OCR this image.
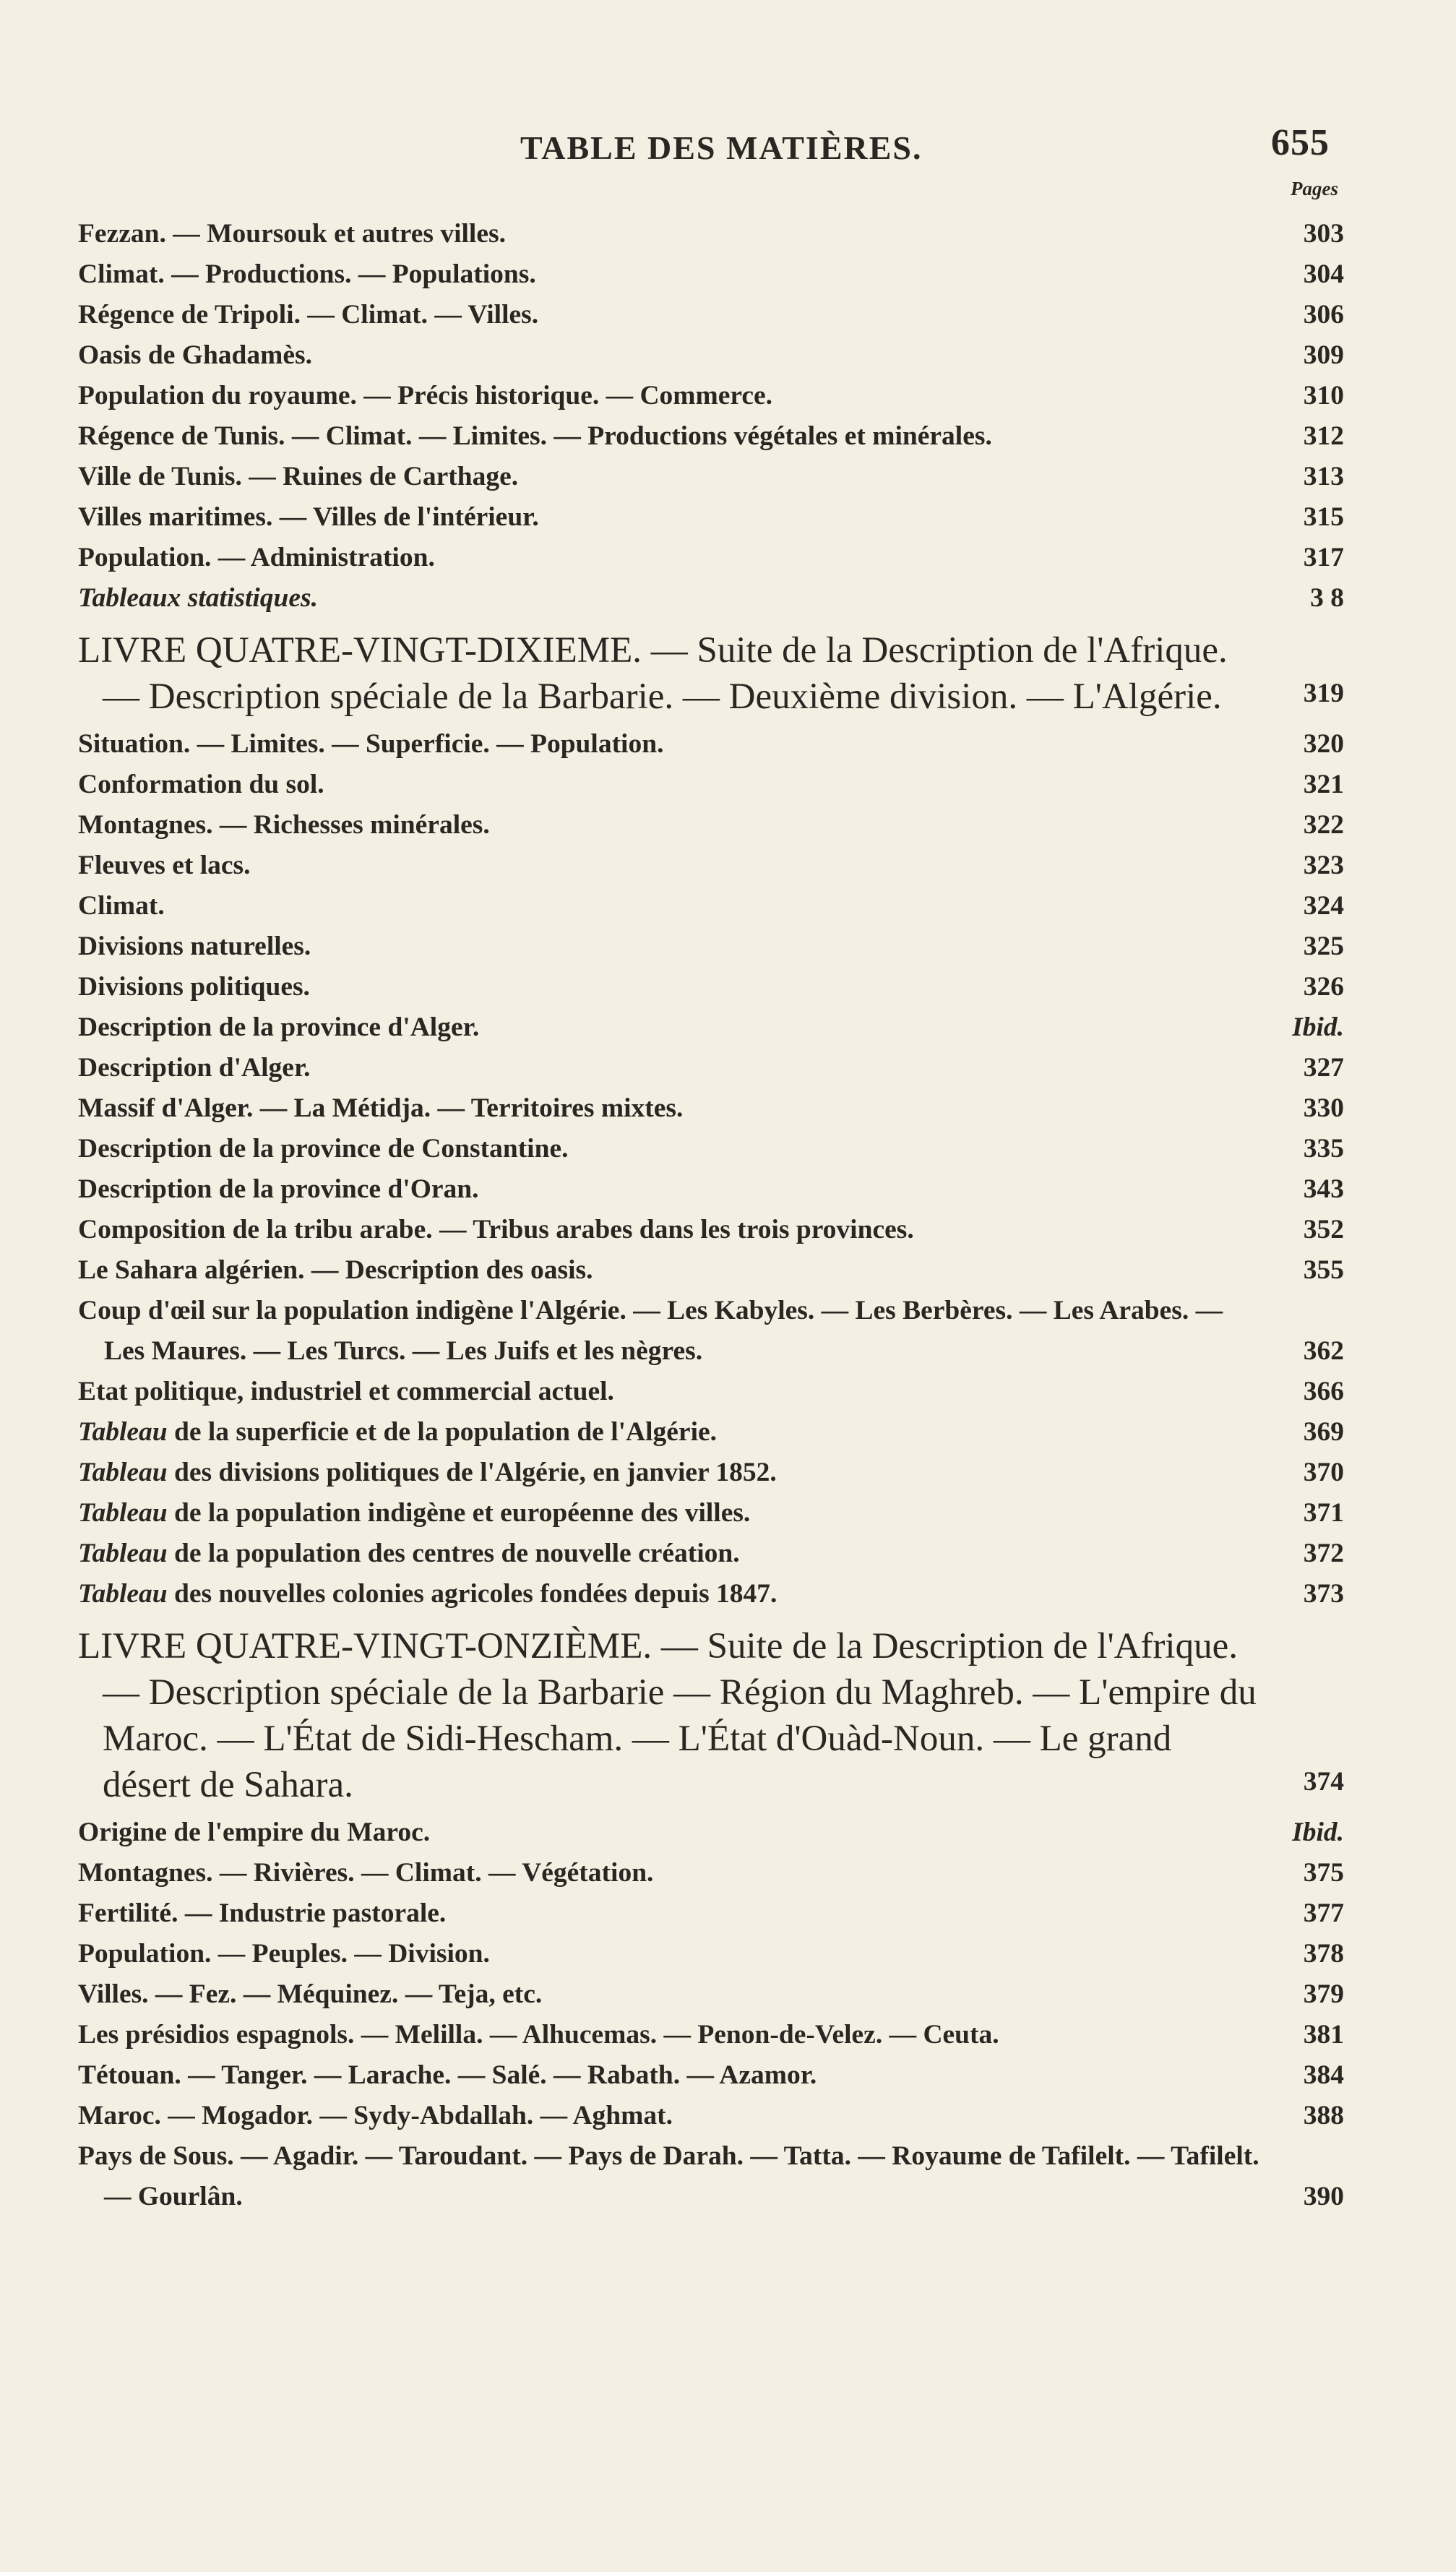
TABLE DES MATIÈRES.	655
Pages
Fezzan. — Moursouk et autres villes.	303
Climat. — Productions. — Populations.	304
Régence de Tripoli. — Climat. — Villes.	306
Oasis de Ghadamès.	309
Population du royaume. — Précis historique. — Commerce.	310
Régence de Tunis. — Climat. — Limites. — Productions végétales et minérales.	312
Ville de Tunis. — Ruines de Carthage.	313
Villes maritimes. — Villes de l'intérieur.	315
Population. — Administration.	317
Tableaux statistiques.	3 8
LIVRE QUATRE-VINGT-DIXIEME. — Suite de la Description de l'Afrique. — Description spéciale de la Barbarie. — Deuxième division. — L'Algérie.	319
Situation. — Limites. — Superficie. — Population.	320
Conformation du sol.	321
Montagnes. — Richesses minérales.	322
Fleuves et lacs.	323
Climat.	324
Divisions naturelles.	325
Divisions politiques.	326
Description de la province d'Alger.	Ibid.
Description d'Alger.	327
Massif d'Alger. — La Métidja. — Territoires mixtes.	330
Description de la province de Constantine.	335
Description de la province d'Oran.	343
Composition de la tribu arabe. — Tribus arabes dans les trois provinces.	352
Le Sahara algérien. — Description des oasis.	355
Coup d'œil sur la population indigène l'Algérie. — Les Kabyles. — Les Berbères. — Les Arabes. — Les Maures. — Les Turcs. — Les Juifs et les nègres.	362
Etat politique, industriel et commercial actuel.	366
Tableau de la superficie et de la population de l'Algérie.	369
Tableau des divisions politiques de l'Algérie, en janvier 1852.	370
Tableau de la population indigène et européenne des villes.	371
Tableau de la population des centres de nouvelle création.	372
Tableau des nouvelles colonies agricoles fondées depuis 1847.	373
LIVRE QUATRE-VINGT-ONZIÈME. — Suite de la Description de l'Afrique. — Description spéciale de la Barbarie — Région du Maghreb. — L'empire du Maroc. — L'État de Sidi-Hescham. — L'État d'Ouàd-Noun. — Le grand désert de Sahara.	374
Origine de l'empire du Maroc.	Ibid.
Montagnes. — Rivières. — Climat. — Végétation.	375
Fertilité. — Industrie pastorale.	377
Population. — Peuples. — Division.	378
Villes. — Fez. — Méquinez. — Teja, etc.	379
Les présidios espagnols. — Melilla. — Alhucemas. — Penon-de-Velez. — Ceuta.	381
Tétouan. — Tanger. — Larache. — Salé. — Rabath. — Azamor.	384
Maroc. — Mogador. — Sydy-Abdallah. — Aghmat.	388
Pays de Sous. — Agadir. — Taroudant. — Pays de Darah. — Tatta. — Royaume de Tafilelt. — Tafilelt. — Gourlân.	390
